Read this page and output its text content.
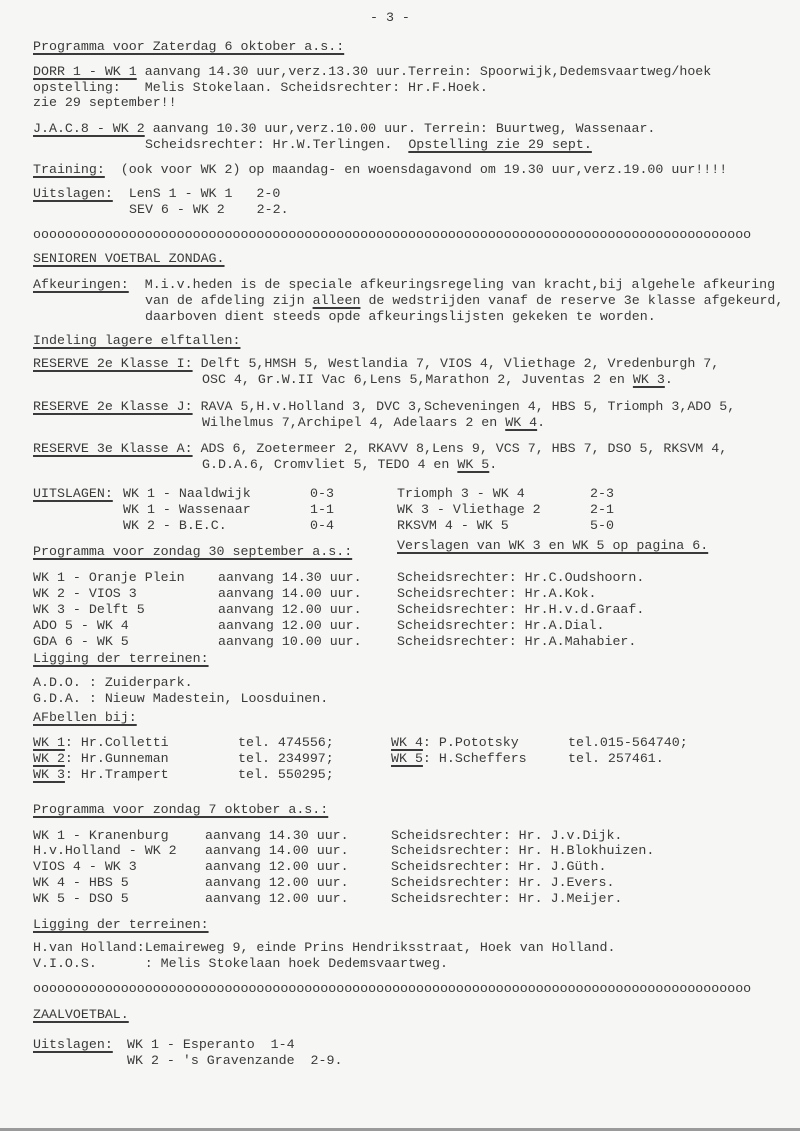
- 3 -
Programma voor Zaterdag 6 oktober a.s.:
DORR 1 - WK 1 aanvang 14.30 uur,verz.13.30 uur.Terrein: Spoorwijk,Dedemsvaartweg/hoek
opstelling:   Melis Stokelaan. Scheidsrechter: Hr.F.Hoek.
zie 29 september!!
J.A.C.8 - WK 2 aanvang 10.30 uur,verz.10.00 uur. Terrein: Buurtweg, Wassenaar.
Scheidsrechter: Hr.W.Terlingen.  Opstelling zie 29 sept.
Training:  (ook voor WK 2) op maandag- en woensdagavond om 19.30 uur,verz.19.00 uur!!!!
Uitslagen:  LenS 1 - WK 1   2-0
SEV 6 - WK 2    2-2.
oooooooooooooooooooooooooooooooooooooooooooooooooooooooooooooooooooooooooooooooooooooooooo
SENIOREN VOETBAL ZONDAG.
Afkeuringen:  M.i.v.heden is de speciale afkeuringsregeling van kracht,bij algehele afkeuring
van de afdeling zijn alleen de wedstrijden vanaf de reserve 3e klasse afgekeurd,
daarboven dient steeds opde afkeuringslijsten gekeken te worden.
Indeling lagere elftallen:
RESERVE 2e Klasse I: Delft 5,HMSH 5, Westlandia 7, VIOS 4, Vliethage 2, Vredenburgh 7,
OSC 4, Gr.W.II Vac 6,Lens 5,Marathon 2, Juventas 2 en WK 3.
RESERVE 2e Klasse J: RAVA 5,H.v.Holland 3, DVC 3,Scheveningen 4, HBS 5, Triomph 3,ADO 5,
Wilhelmus 7,Archipel 4, Adelaars 2 en WK 4.
RESERVE 3e Klasse A: ADS 6, Zoetermeer 2, RKAVV 8,Lens 9, VCS 7, HBS 7, DSO 5, RKSVM 4,
G.D.A.6, Cromvliet 5, TEDO 4 en WK 5.
UITSLAGEN: WK 1 - Naaldwijk	0-3	Triomph 3 - WK 4	2-3
WK 1 - Wassenaar	1-1	WK 3 - Vliethage 2	2-1
WK 2 - B.E.C.	0-4	RKSVM 4 - WK 5	5-0
Programma voor zondag 30 september a.s.:	Verslagen van WK 3 en WK 5 op pagina 6.
WK 1 - Oranje Plein	aanvang 14.30 uur.	Scheidsrechter: Hr.C.Oudshoorn.
WK 2 - VIOS 3	aanvang 14.00 uur.	Scheidsrechter: Hr.A.Kok.
WK 3 - Delft 5	aanvang 12.00 uur.	Scheidsrechter: Hr.H.v.d.Graaf.
ADO 5 - WK 4	aanvang 12.00 uur.	Scheidsrechter: Hr.A.Dial.
GDA 6 - WK 5	aanvang 10.00 uur.	Scheidsrechter: Hr.A.Mahabier.
Ligging der terreinen:
A.D.O. : Zuiderpark.
G.D.A. : Nieuw Madestein, Loosduinen.
AFbellen bij:
WK 1: Hr.Colletti	tel. 474556;
WK 2: Hr.Gunneman	tel. 234997;
WK 3: Hr.Trampert	tel. 550295;
WK 4: P.Pototsky	tel.015-564740;
WK 5: H.Scheffers	tel. 257461.
Programma voor zondag 7 oktober a.s.:
WK 1 - Kranenburg	aanvang 14.30 uur.	Scheidsrechter: Hr. J.v.Dijk.
H.v.Holland - WK 2 aanvang 14.00 uur.	Scheidsrechter: Hr. H.Blokhuizen.
VIOS 4 - WK 3	aanvang 12.00 uur.	Scheidsrechter: Hr. J.Güth.
WK 4 - HBS 5	aanvang 12.00 uur.	Scheidsrechter: Hr. J.Evers.
WK 5 - DSO 5	aanvang 12.00 uur.	Scheidsrechter: Hr. J.Meijer.
Ligging der terreinen:
H.van Holland:Lemaireweg 9, einde Prins Hendriksstraat, Hoek van Holland.
V.I.O.S.      : Melis Stokelaan hoek Dedemsvaartweg.
oooooooooooooooooooooooooooooooooooooooooooooooooooooooooooooooooooooooooooooooooooooooooo
ZAALVOETBAL.
Uitslagen: WK 1 - Esperanto  1-4
WK 2 - 's Gravenzande  2-9.
